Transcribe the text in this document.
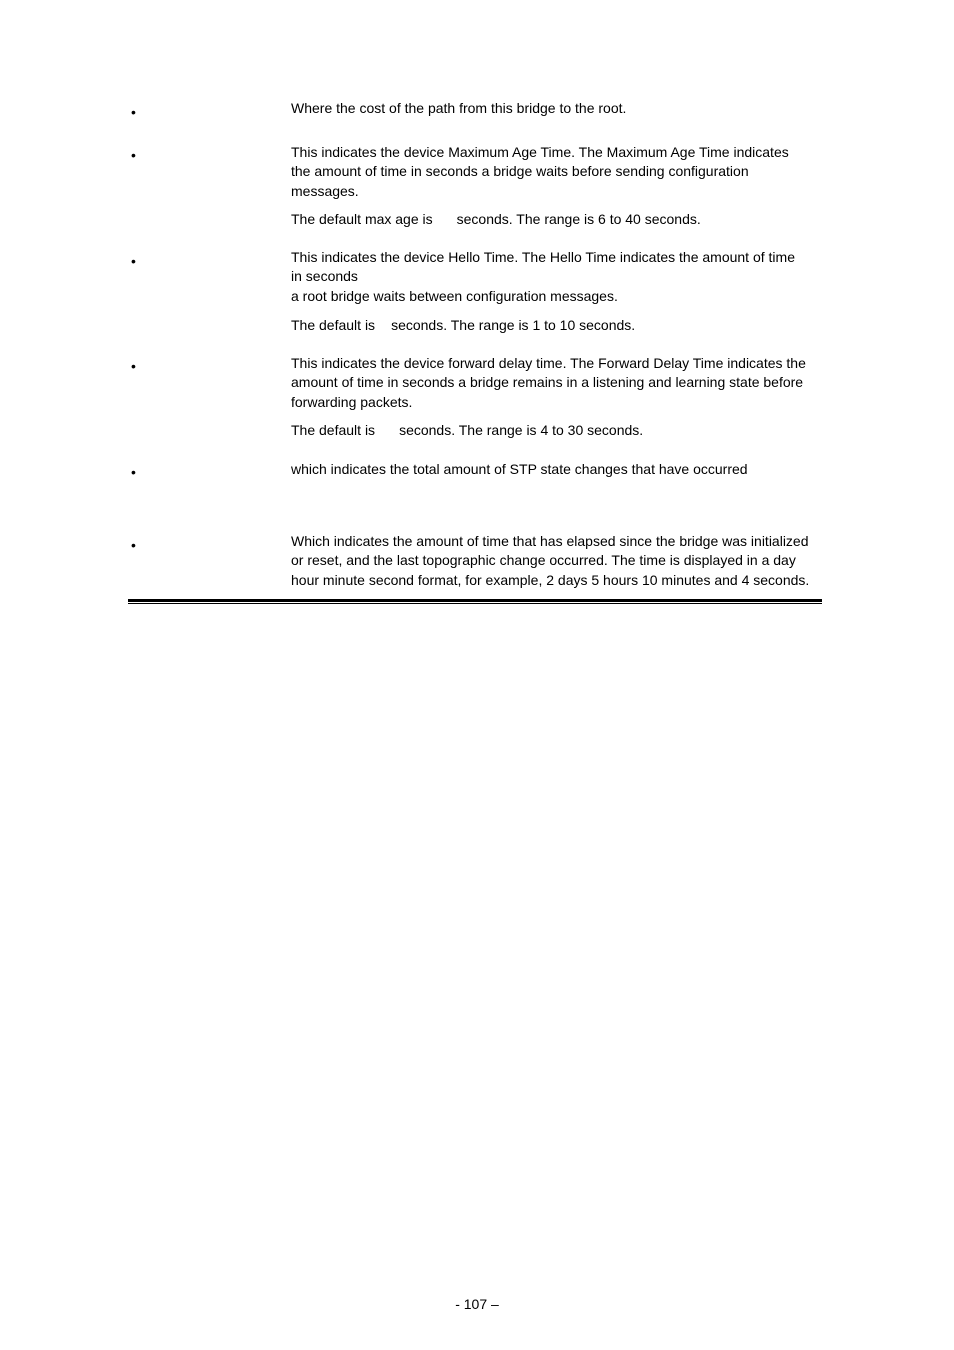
•	Where the cost of the path from this bridge to the root.
•	This indicates the device Maximum Age Time. The Maximum Age Time indicates
the amount of time in seconds a bridge waits before sending configuration
messages.
The default max age is seconds. The range is 6 to 40 seconds.
•	This indicates the device Hello Time. The Hello Time indicates the amount of time
in seconds
a root bridge waits between configuration messages.
The default is seconds. The range is 1 to 10 seconds.
•	This indicates the device forward delay time. The Forward Delay Time indicates the
amount of time in seconds a bridge remains in a listening and learning state before
forwarding packets.
The default is seconds. The range is 4 to 30 seconds.
•	which indicates the total amount of STP state changes that have occurred
•	Which indicates the amount of time that has elapsed since the bridge was initialized
or reset, and the last topographic change occurred. The time is displayed in a day
hour minute second format, for example, 2 days 5 hours 10 minutes and 4 seconds.
- 107 –
